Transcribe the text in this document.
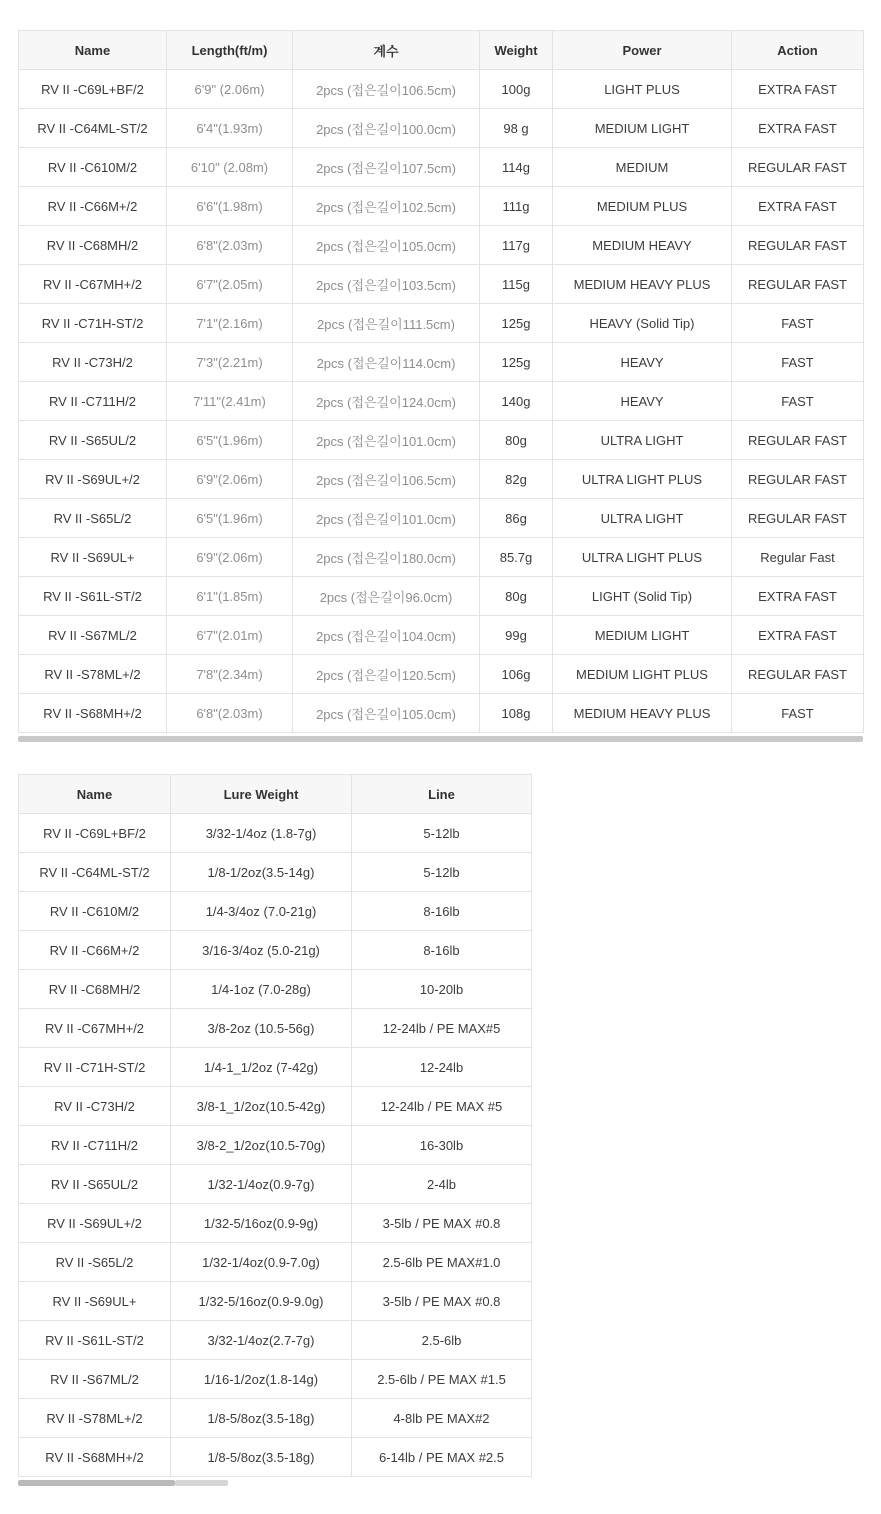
Name	Length(ft/m)	계수	Weight	Power	Action
RV II -C69L+BF/2	6'9" (2.06m)	2pcs (접은길이106.5cm)	100g	LIGHT PLUS	EXTRA FAST
RV II -C64ML-ST/2	6'4"(1.93m)	2pcs (접은길이100.0cm)	98 g	MEDIUM LIGHT	EXTRA FAST
RV II -C610M/2	6'10" (2.08m)	2pcs (접은길이107.5cm)	114g	MEDIUM	REGULAR FAST
RV II -C66M+/2	6'6"(1.98m)	2pcs (접은길이102.5cm)	111g	MEDIUM PLUS	EXTRA FAST
RV II -C68MH/2	6'8"(2.03m)	2pcs (접은길이105.0cm)	117g	MEDIUM HEAVY	REGULAR FAST
RV II -C67MH+/2	6'7"(2.05m)	2pcs (접은길이103.5cm)	115g	MEDIUM HEAVY PLUS	REGULAR FAST
RV II -C71H-ST/2	7'1"(2.16m)	2pcs (접은길이111.5cm)	125g	HEAVY (Solid Tip)	FAST
RV II -C73H/2	7'3"(2.21m)	2pcs (접은길이114.0cm)	125g	HEAVY	FAST
RV II -C711H/2	7'11"(2.41m)	2pcs (접은길이124.0cm)	140g	HEAVY	FAST
RV II -S65UL/2	6'5"(1.96m)	2pcs (접은길이101.0cm)	80g	ULTRA LIGHT	REGULAR FAST
RV II -S69UL+/2	6'9"(2.06m)	2pcs (접은길이106.5cm)	82g	ULTRA LIGHT PLUS	REGULAR FAST
RV II -S65L/2	6'5"(1.96m)	2pcs (접은길이101.0cm)	86g	ULTRA LIGHT	REGULAR FAST
RV II -S69UL+	6'9"(2.06m)	2pcs (접은길이180.0cm)	85.7g	ULTRA LIGHT PLUS	Regular Fast
RV II -S61L-ST/2	6'1"(1.85m)	2pcs (접은길이96.0cm)	80g	LIGHT (Solid Tip)	EXTRA FAST
RV II -S67ML/2	6'7"(2.01m)	2pcs (접은길이104.0cm)	99g	MEDIUM LIGHT	EXTRA FAST
RV II -S78ML+/2	7'8"(2.34m)	2pcs (접은길이120.5cm)	106g	MEDIUM LIGHT PLUS	REGULAR FAST
RV II -S68MH+/2	6'8"(2.03m)	2pcs (접은길이105.0cm)	108g	MEDIUM HEAVY PLUS	FAST
Name	Lure Weight	Line
RV II -C69L+BF/2	3/32-1/4oz (1.8-7g)	5-12lb
RV II -C64ML-ST/2	1/8-1/2oz(3.5-14g)	5-12lb
RV II -C610M/2	1/4-3/4oz (7.0-21g)	8-16lb
RV II -C66M+/2	3/16-3/4oz (5.0-21g)	8-16lb
RV II -C68MH/2	1/4-1oz (7.0-28g)	10-20lb
RV II -C67MH+/2	3/8-2oz (10.5-56g)	12-24lb / PE MAX#5
RV II -C71H-ST/2	1/4-1_1/2oz (7-42g)	12-24lb
RV II -C73H/2	3/8-1_1/2oz(10.5-42g)	12-24lb / PE MAX #5
RV II -C711H/2	3/8-2_1/2oz(10.5-70g)	16-30lb
RV II -S65UL/2	1/32-1/4oz(0.9-7g)	2-4lb
RV II -S69UL+/2	1/32-5/16oz(0.9-9g)	3-5lb / PE MAX #0.8
RV II -S65L/2	1/32-1/4oz(0.9-7.0g)	2.5-6lb PE MAX#1.0
RV II -S69UL+	1/32-5/16oz(0.9-9.0g)	3-5lb / PE MAX #0.8
RV II -S61L-ST/2	3/32-1/4oz(2.7-7g)	2.5-6lb
RV II -S67ML/2	1/16-1/2oz(1.8-14g)	2.5-6lb / PE MAX #1.5
RV II -S78ML+/2	1/8-5/8oz(3.5-18g)	4-8lb PE MAX#2
RV II -S68MH+/2	1/8-5/8oz(3.5-18g)	6-14lb / PE MAX #2.5
